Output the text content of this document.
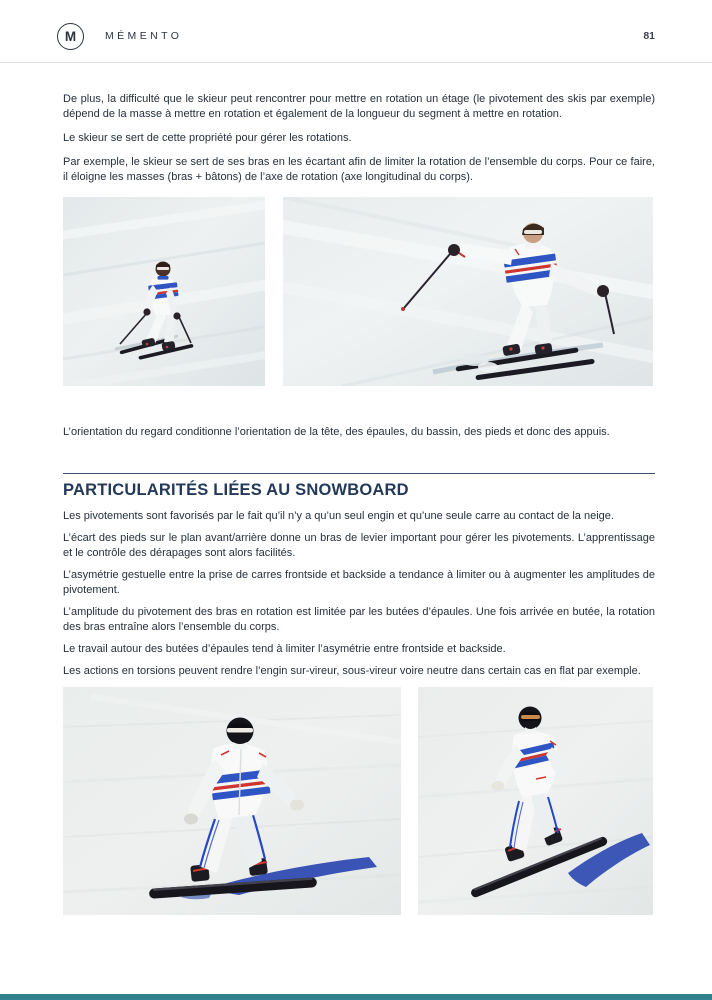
M	MÉMENTO	81

De plus, la difficulté que le skieur peut rencontrer pour mettre en rotation un étage (le pivotement des skis par exemple) dépend de la masse à mettre en rotation et également de la longueur du segment à mettre en rotation.

Le skieur se sert de cette propriété pour gérer les rotations.

Par exemple, le skieur se sert de ses bras en les écartant afin de limiter la rotation de l’ensemble du corps. Pour ce faire, il éloigne les masses (bras + bâtons) de l’axe de rotation (axe longitudinal du corps).

L’orientation du regard conditionne l’orientation de la tête, des épaules, du bassin, des pieds et donc des appuis.

PARTICULARITÉS LIÉES AU SNOWBOARD

Les pivotements sont favorisés par le fait qu’il n’y a qu’un seul engin et qu’une seule carre au contact de la neige.

L’écart des pieds sur le plan avant/arrière donne un bras de levier important pour gérer les pivotements. L’apprentissage et le contrôle des dérapages sont alors facilités.

L’asymétrie gestuelle entre la prise de carres frontside et backside a tendance à limiter ou à augmenter les amplitudes de pivotement.

L’amplitude du pivotement des bras en rotation est limitée par les butées d’épaules. Une fois arrivée en butée, la rotation des bras entraîne alors l’ensemble du corps.

Le travail autour des butées d’épaules tend à limiter l’asymétrie entre frontside et backside.

Les actions en torsions peuvent rendre l’engin sur-vireur, sous-vireur voire neutre dans certain cas en flat par exemple.
